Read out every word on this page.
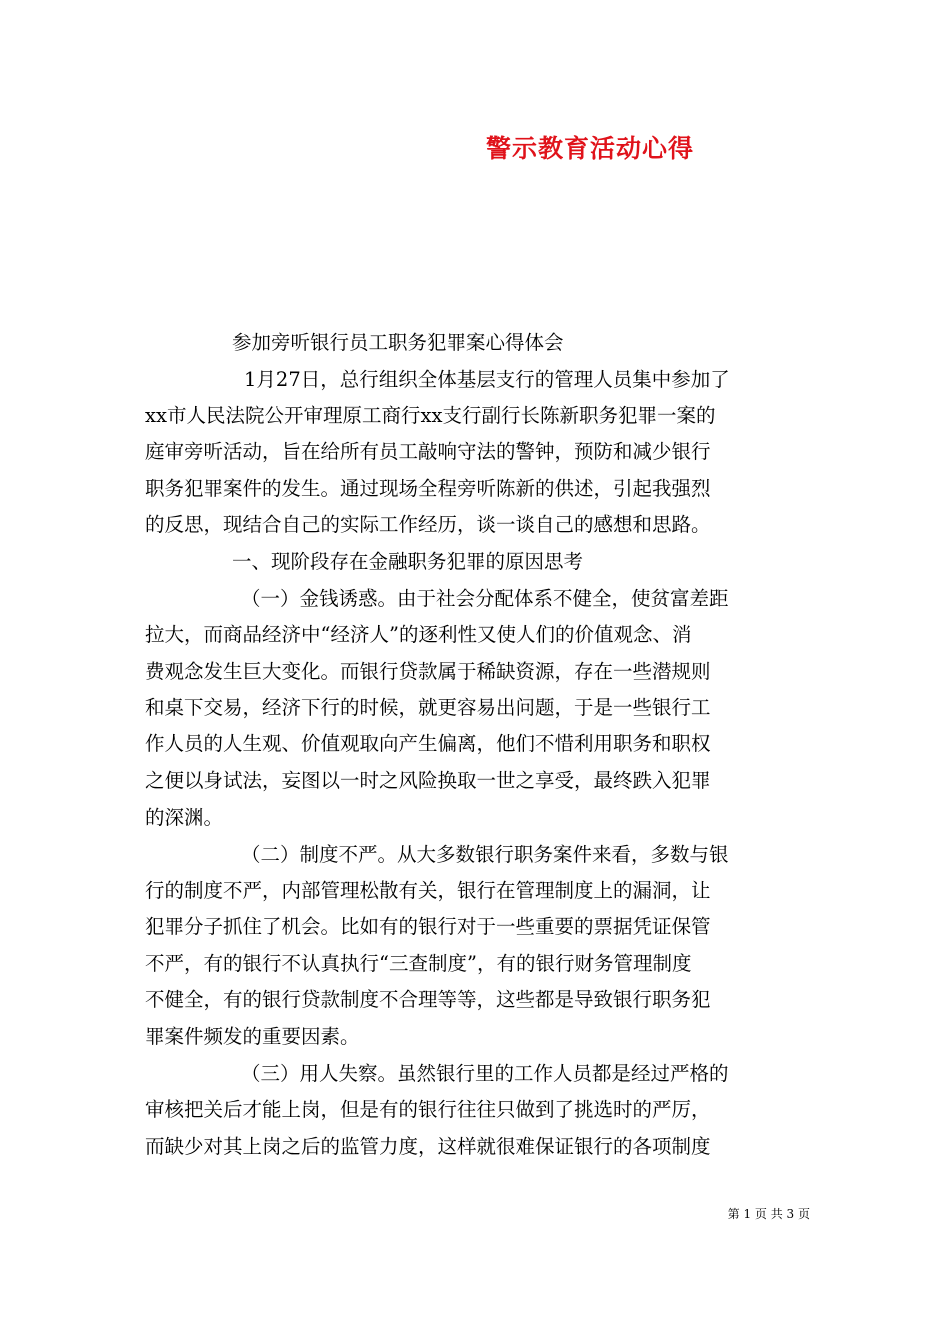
警示教育活动心得

参加旁听银行员工职务犯罪案心得体会

1月27日，总行组织全体基层支行的管理人员集中参加了

xx市人民法院公开审理原工商行xx支行副行长陈新职务犯罪一案的

庭审旁听活动，旨在给所有员工敲响守法的警钟，预防和减少银行

职务犯罪案件的发生。通过现场全程旁听陈新的供述，引起我强烈

的反思，现结合自己的实际工作经历，谈一谈自己的感想和思路。

一、现阶段存在金融职务犯罪的原因思考

（一）金钱诱惑。由于社会分配体系不健全，使贫富差距

拉大，而商品经济中“经济人”的逐利性又使人们的价值观念、消

费观念发生巨大变化。而银行贷款属于稀缺资源，存在一些潜规则

和桌下交易，经济下行的时候，就更容易出问题，于是一些银行工

作人员的人生观、价值观取向产生偏离，他们不惜利用职务和职权

之便以身试法，妄图以一时之风险换取一世之享受，最终跌入犯罪

的深渊。

（二）制度不严。从大多数银行职务案件来看，多数与银

行的制度不严，内部管理松散有关，银行在管理制度上的漏洞，让

犯罪分子抓住了机会。比如有的银行对于一些重要的票据凭证保管

不严，有的银行不认真执行“三查制度”，有的银行财务管理制度

不健全，有的银行贷款制度不合理等等，这些都是导致银行职务犯

罪案件频发的重要因素。

（三）用人失察。虽然银行里的工作人员都是经过严格的

审核把关后才能上岗，但是有的银行往往只做到了挑选时的严厉，

而缺少对其上岗之后的监管力度，这样就很难保证银行的各项制度

第 1 页 共 3 页
